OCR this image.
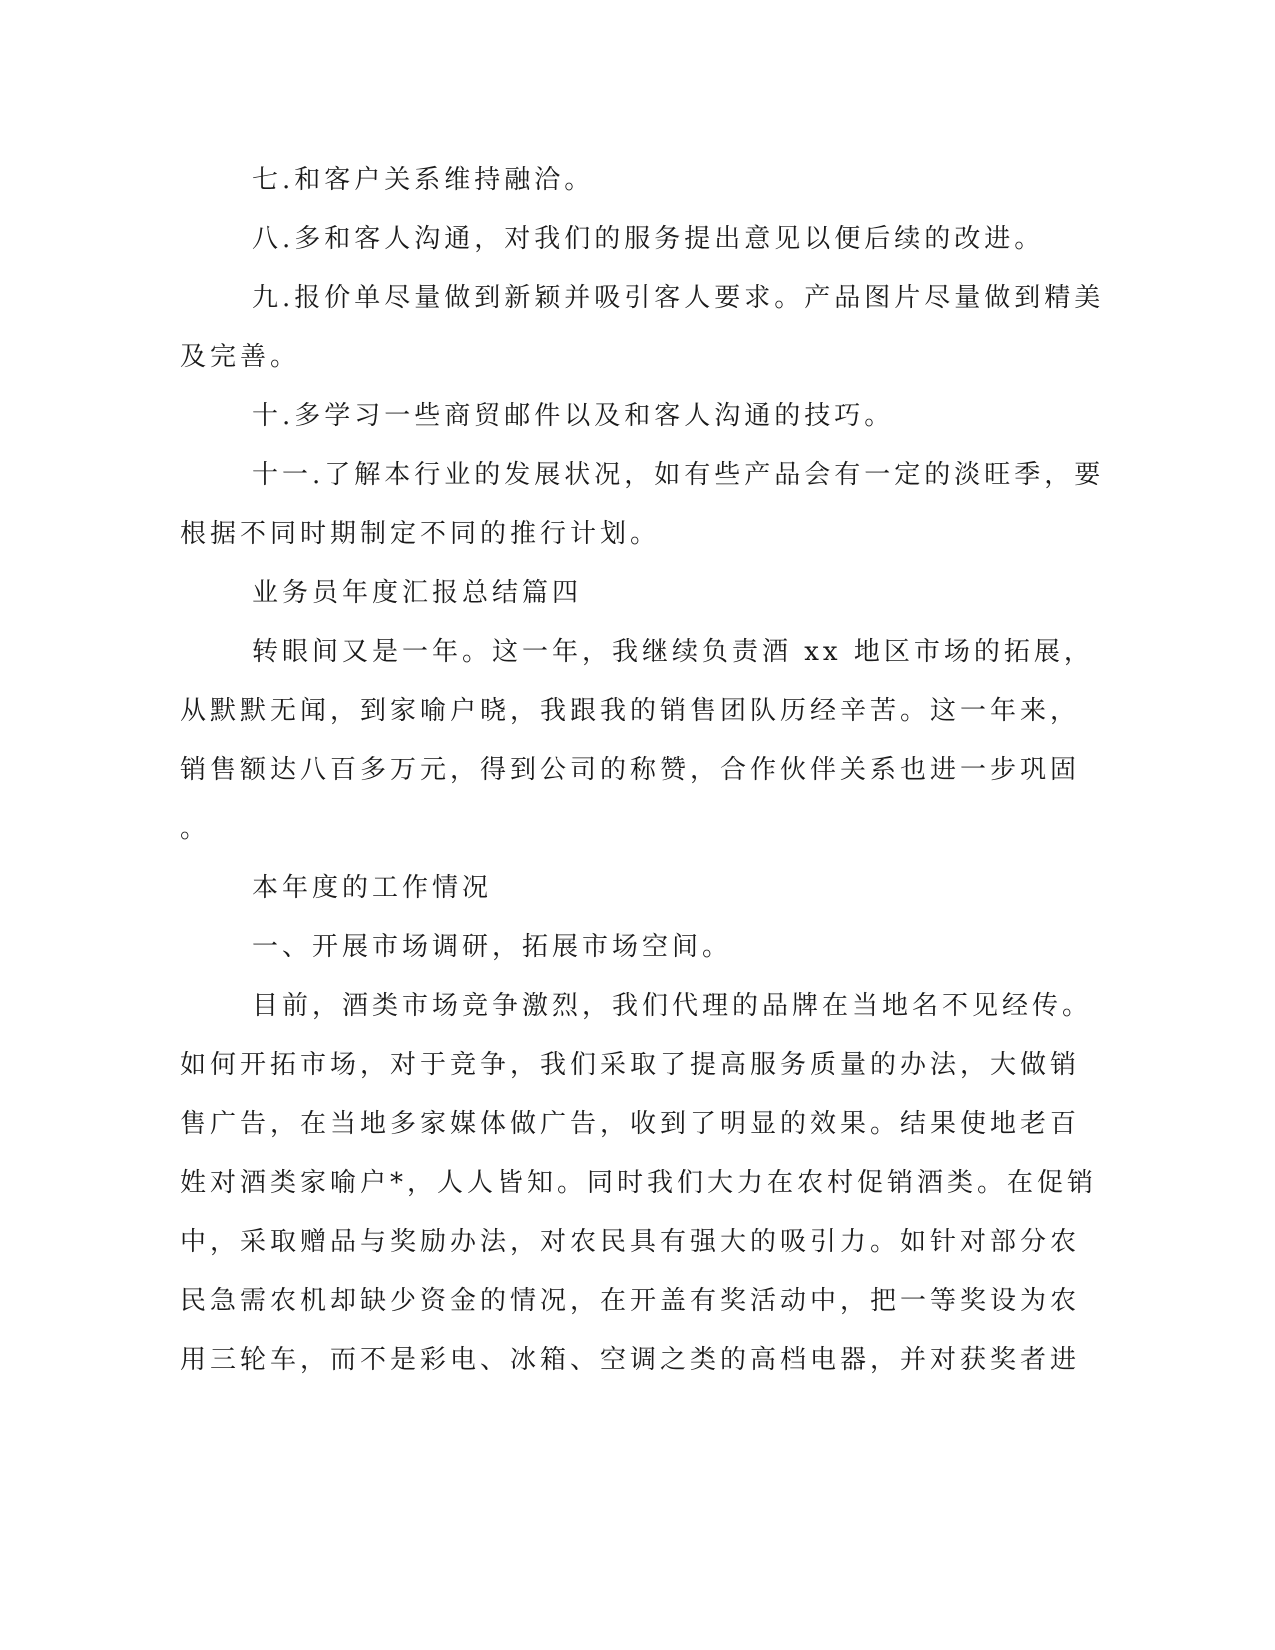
七.和客户关系维持融洽。

八.多和客人沟通，对我们的服务提出意见以便后续的改进。

九.报价单尽量做到新颖并吸引客人要求。产品图片尽量做到精美

及完善。

十.多学习一些商贸邮件以及和客人沟通的技巧。

十一.了解本行业的发展状况，如有些产品会有一定的淡旺季，要

根据不同时期制定不同的推行计划。

业务员年度汇报总结篇四

转眼间又是一年。这一年，我继续负责酒 xx 地区市场的拓展，

从默默无闻，到家喻户晓，我跟我的销售团队历经辛苦。这一年来，

销售额达八百多万元，得到公司的称赞，合作伙伴关系也进一步巩固

。

本年度的工作情况

一、开展市场调研，拓展市场空间。

目前，酒类市场竞争激烈，我们代理的品牌在当地名不见经传。

如何开拓市场，对于竞争，我们采取了提高服务质量的办法，大做销

售广告，在当地多家媒体做广告，收到了明显的效果。结果使地老百

姓对酒类家喻户*，人人皆知。同时我们大力在农村促销酒类。在促销

中，采取赠品与奖励办法，对农民具有强大的吸引力。如针对部分农

民急需农机却缺少资金的情况，在开盖有奖活动中，把一等奖设为农

用三轮车，而不是彩电、冰箱、空调之类的高档电器，并对获奖者进
